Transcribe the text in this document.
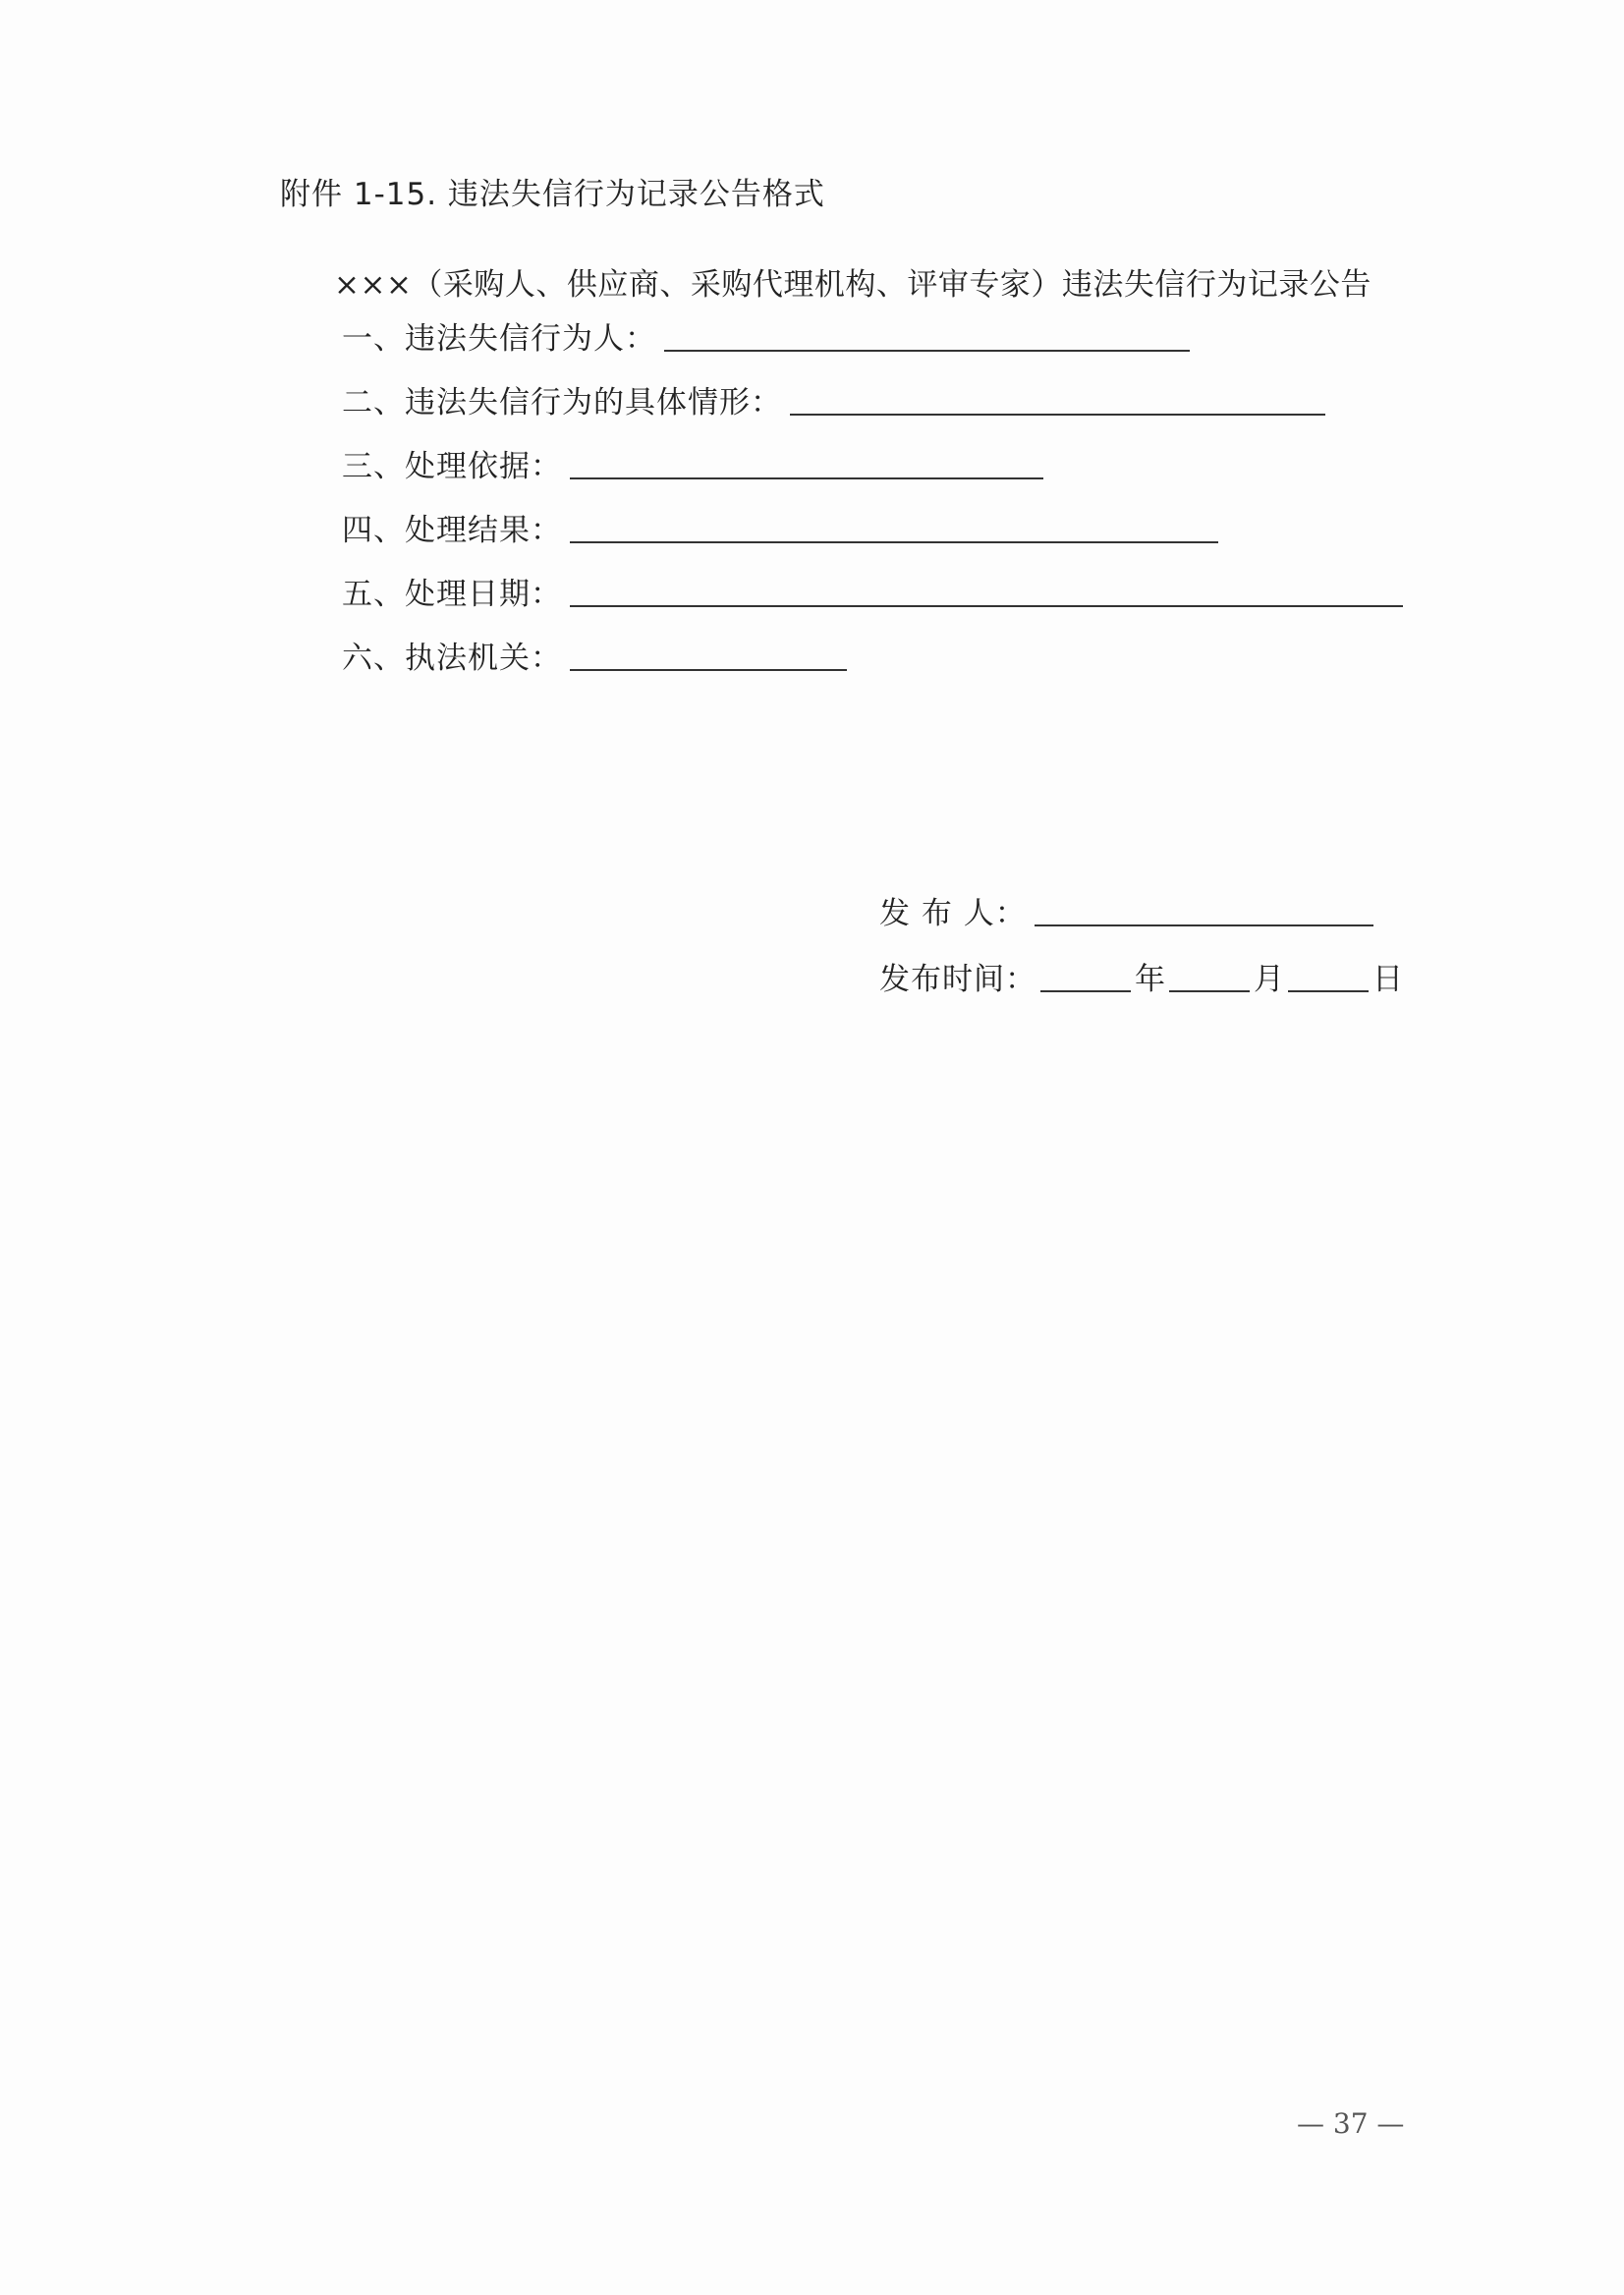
附件 1-15. 违法失信行为记录公告格式
×××（采购人、供应商、采购代理机构、评审专家）违法失信行为记录公告
一、违法失信行为人：
二、违法失信行为的具体情形：
三、处理依据：
四、处理结果：
五、处理日期：
六、执法机关：
发 布 人：
发布时间：	年	月	日
— 37 —
